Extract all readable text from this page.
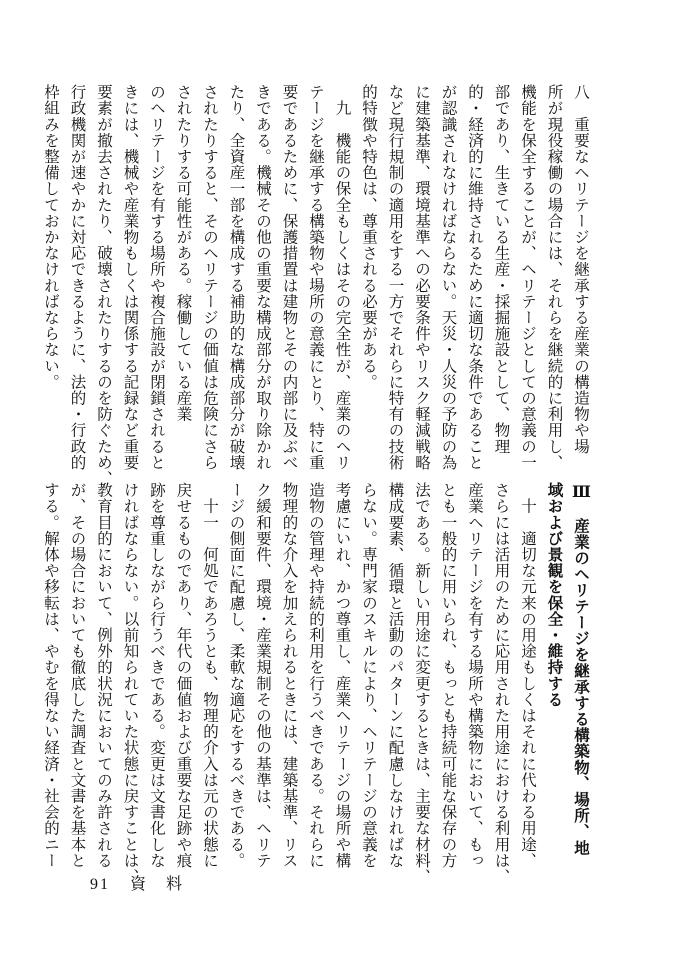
八　重要なヘリテージを継承する産業の構造物や場
所が現役稼働の場合には、それらを継続的に利用し、
機能を保全することが、ヘリテージとしての意義の一
部であり、生きている生産・採掘施設として、物理
的・経済的に維持されるために適切な条件であること
が認識されなければならない。天災・人災の予防の為
に建築基準、環境基準への必要条件やリスク軽減戦略
など現行規制の適用をする一方でそれらに特有の技術
的特徴や特色は、尊重される必要がある。
　九　機能の保全もしくはその完全性が、産業のヘリ
テージを継承する構築物や場所の意義にとり、特に重
要であるために、保護措置は建物とその内部に及ぶべ
きである。機械その他の重要な構成部分が取り除かれ
たり、全資産一部を構成する補助的な構成部分が破壊
されたりすると、そのヘリテージの価値は危険にさら
されたりする可能性がある。稼働している産業
のヘリテージを有する場所や複合施設が閉鎖されると
きには、機械や産業物もしくは関係する記録など重要
要素が撤去されたり、破壊されたりするのを防ぐため、
行政機関が速やかに対応できるように、法的・行政的
枠組みを整備しておかなければならない。
Ⅲ　産業のヘリテージを継承する構築物、場所、地
域および景観を保全・維持する
　十　適切な元来の用途もしくはそれに代わる用途、
さらには活用のために応用された用途における利用は、
産業ヘリテージを有する場所や構築物において、もっ
とも一般的に用いられ、もっとも持続可能な保存の方
法である。新しい用途に変更するときは、主要な材料、
構成要素、循環と活動のパターンに配慮しなければな
らない。専門家のスキルにより、ヘリテージの意義を
考慮にいれ、かつ尊重し、産業ヘリテージの場所や構
造物の管理や持続的利用を行うべきである。それらに
物理的な介入を加えられるときには、建築基準、リス
ク緩和要件、環境・産業規制その他の基準は、ヘリテ
ージの側面に配慮し、柔軟な適応をするべきである。
　十一　何処であろうとも、物理的介入は元の状態に
戻せるものであり、年代の価値および重要な足跡や痕
跡を尊重しながら行うべきである。変更は文書化しな
ければならない。以前知られていた状態に戻すことは、
教育目的において、例外的状況においてのみ許される
が、その場合においても徹底した調査と文書を基本と
する。解体や移転は、やむを得ない経済・社会的ニー
91 資　料
